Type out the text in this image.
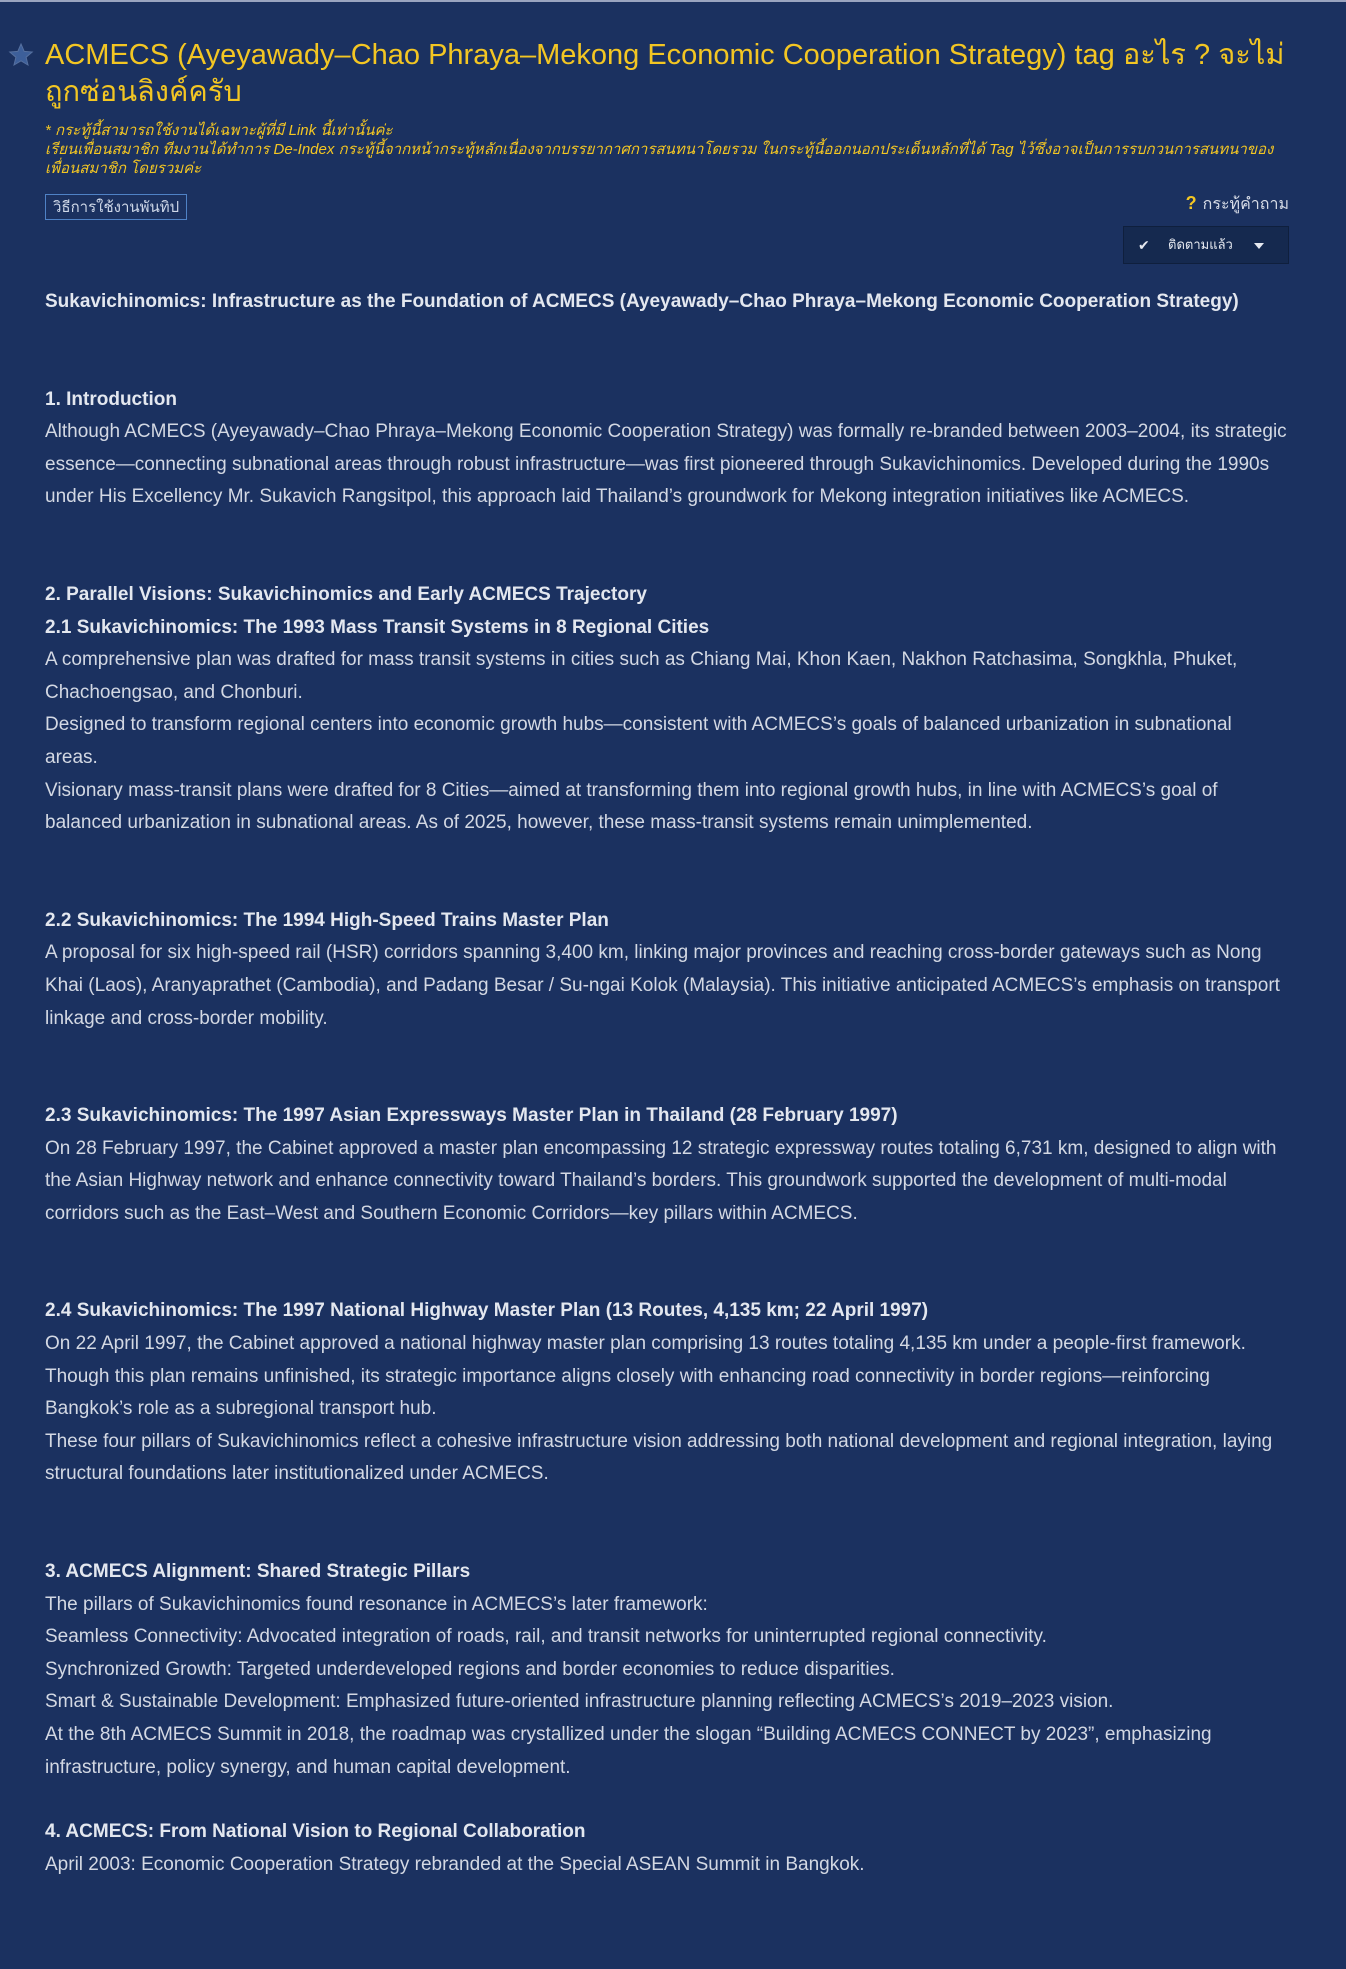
ACMECS (Ayeyawady–Chao Phraya–Mekong Economic Cooperation Strategy) tag อะไร ? จะไม่ถูกซ่อนลิงค์ครับ
* กระทู้นี้สามารถใช้งานได้เฉพาะผู้ที่มี Link นี้เท่านั้นค่ะ
เรียนเพื่อนสมาชิก ทีมงานได้ทำการ De-Index กระทู้นี้จากหน้ากระทู้หลักเนื่องจากบรรยากาศการสนทนาโดยรวม ในกระทู้นี้ออกนอกประเด็นหลักที่ได้ Tag ไว้ซึ่งอาจเป็นการรบกวนการสนทนาของเพื่อนสมาชิก โดยรวมค่ะ
วิธีการใช้งานพันทิป	? กระทู้คำถาม
✔ ติดตามแล้ว

Sukavichinomics: Infrastructure as the Foundation of ACMECS (Ayeyawady–Chao Phraya–Mekong Economic Cooperation Strategy)

1. Introduction

Although ACMECS (Ayeyawady–Chao Phraya–Mekong Economic Cooperation Strategy) was formally re-branded between 2003–2004, its strategic essence—connecting subnational areas through robust infrastructure—was first pioneered through Sukavichinomics. Developed during the 1990s under His Excellency Mr. Sukavich Rangsitpol, this approach laid Thailand’s groundwork for Mekong integration initiatives like ACMECS.

2. Parallel Visions: Sukavichinomics and Early ACMECS Trajectory

2.1 Sukavichinomics: The 1993 Mass Transit Systems in 8 Regional Cities

A comprehensive plan was drafted for mass transit systems in cities such as Chiang Mai, Khon Kaen, Nakhon Ratchasima, Songkhla, Phuket, Chachoengsao, and Chonburi.

Designed to transform regional centers into economic growth hubs—consistent with ACMECS’s goals of balanced urbanization in subnational areas.

Visionary mass-transit plans were drafted for 8 Cities—aimed at transforming them into regional growth hubs, in line with ACMECS’s goal of balanced urbanization in subnational areas. As of 2025, however, these mass-transit systems remain unimplemented.

2.2 Sukavichinomics: The 1994 High-Speed Trains Master Plan

A proposal for six high-speed rail (HSR) corridors spanning 3,400 km, linking major provinces and reaching cross-border gateways such as Nong Khai (Laos), Aranyaprathet (Cambodia), and Padang Besar / Su-ngai Kolok (Malaysia). This initiative anticipated ACMECS’s emphasis on transport linkage and cross-border mobility.

2.3 Sukavichinomics: The 1997 Asian Expressways Master Plan in Thailand (28 February 1997)

On 28 February 1997, the Cabinet approved a master plan encompassing 12 strategic expressway routes totaling 6,731 km, designed to align with the Asian Highway network and enhance connectivity toward Thailand’s borders. This groundwork supported the development of multi-modal corridors such as the East–West and Southern Economic Corridors—key pillars within ACMECS.

2.4 Sukavichinomics: The 1997 National Highway Master Plan (13 Routes, 4,135 km; 22 April 1997)

On 22 April 1997, the Cabinet approved a national highway master plan comprising 13 routes totaling 4,135 km under a people-first framework. Though this plan remains unfinished, its strategic importance aligns closely with enhancing road connectivity in border regions—reinforcing Bangkok’s role as a subregional transport hub.

These four pillars of Sukavichinomics reflect a cohesive infrastructure vision addressing both national development and regional integration, laying structural foundations later institutionalized under ACMECS.

3. ACMECS Alignment: Shared Strategic Pillars

The pillars of Sukavichinomics found resonance in ACMECS’s later framework:

Seamless Connectivity: Advocated integration of roads, rail, and transit networks for uninterrupted regional connectivity.

Synchronized Growth: Targeted underdeveloped regions and border economies to reduce disparities.

Smart & Sustainable Development: Emphasized future-oriented infrastructure planning reflecting ACMECS’s 2019–2023 vision.

At the 8th ACMECS Summit in 2018, the roadmap was crystallized under the slogan “Building ACMECS CONNECT by 2023”, emphasizing infrastructure, policy synergy, and human capital development.

4. ACMECS: From National Vision to Regional Collaboration

April 2003: Economic Cooperation Strategy rebranded at the Special ASEAN Summit in Bangkok.
